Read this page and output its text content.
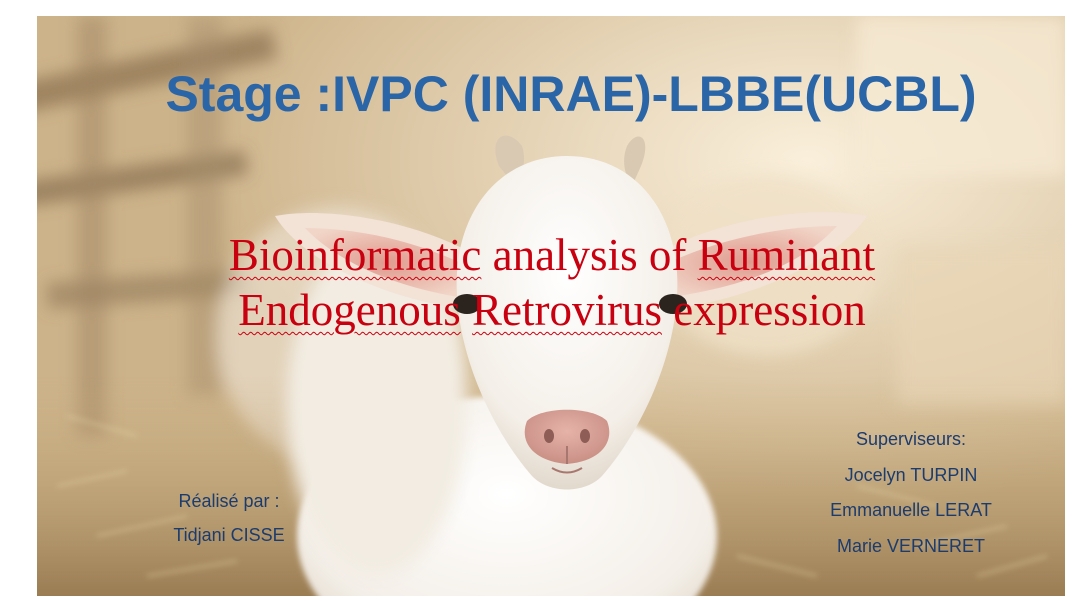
Stage :IVPC (INRAE)-LBBE(UCBL)

Bioinformatic analysis of Ruminant
Endogenous Retrovirus expression

Réalisé par :
Tidjani CISSE
Superviseurs:
Jocelyn TURPIN
Emmanuelle LERAT
Marie VERNERET
